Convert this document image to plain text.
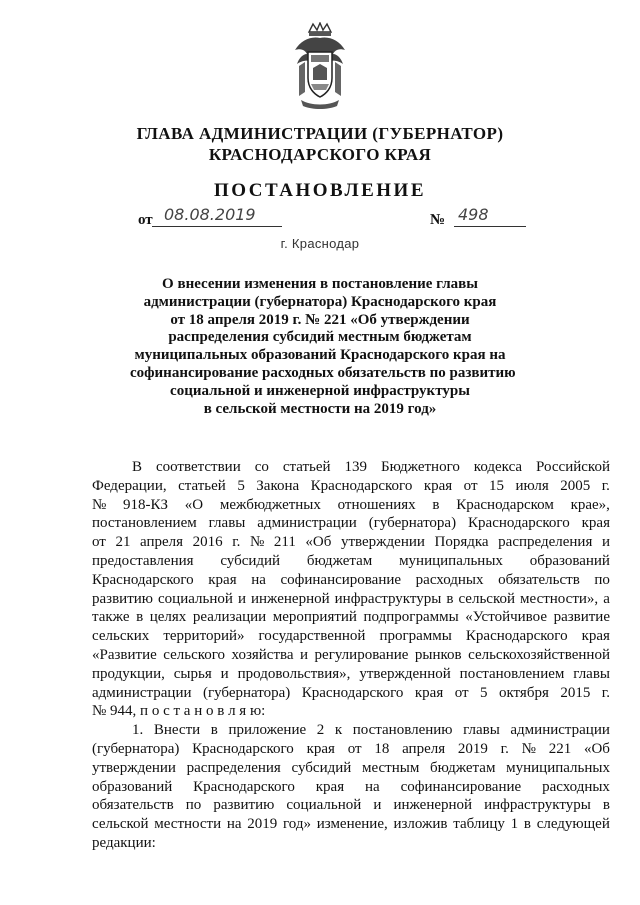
ГЛАВА АДМИНИСТРАЦИИ (ГУБЕРНАТОР)
КРАСНОДАРСКОГО КРАЯ
ПОСТАНОВЛЕНИЕ
от 08.08.2019	№ 498
г. Краснодар
О внесении изменения в постановление главы
администрации (губернатора) Краснодарского края
от 18 апреля 2019 г. № 221 «Об утверждении
распределения субсидий местным бюджетам
муниципальных образований Краснодарского края на
софинансирование расходных обязательств по развитию
социальной и инженерной инфраструктуры
в сельской местности на 2019 год»
В соответствии со статьей 139 Бюджетного кодекса Российской
Федерации, статьей 5 Закона Краснодарского края от 15 июля 2005 г.
№ 918-КЗ «О межбюджетных отношениях в Краснодарском крае»,
постановлением главы администрации (губернатора) Краснодарского края
от 21 апреля 2016 г. № 211 «Об утверждении Порядка распределения и
предоставления субсидий бюджетам муниципальных образований
Краснодарского края на софинансирование расходных обязательств по
развитию социальной и инженерной инфраструктуры в сельской местности», а
также в целях реализации мероприятий подпрограммы «Устойчивое развитие
сельских территорий» государственной программы Краснодарского края
«Развитие сельского хозяйства и регулирование рынков сельскохозяйственной
продукции, сырья и продовольствия», утвержденной постановлением главы
администрации (губернатора) Краснодарского края от 5 октября 2015 г.
№ 944, п о с т а н о в л я ю:
1. Внести в приложение 2 к постановлению главы администрации
(губернатора) Краснодарского края от 18 апреля 2019 г. № 221 «Об
утверждении распределения субсидий местным бюджетам муниципальных
образований Краснодарского края на софинансирование расходных
обязательств по развитию социальной и инженерной инфраструктуры в
сельской местности на 2019 год» изменение, изложив таблицу 1 в следующей
редакции:
